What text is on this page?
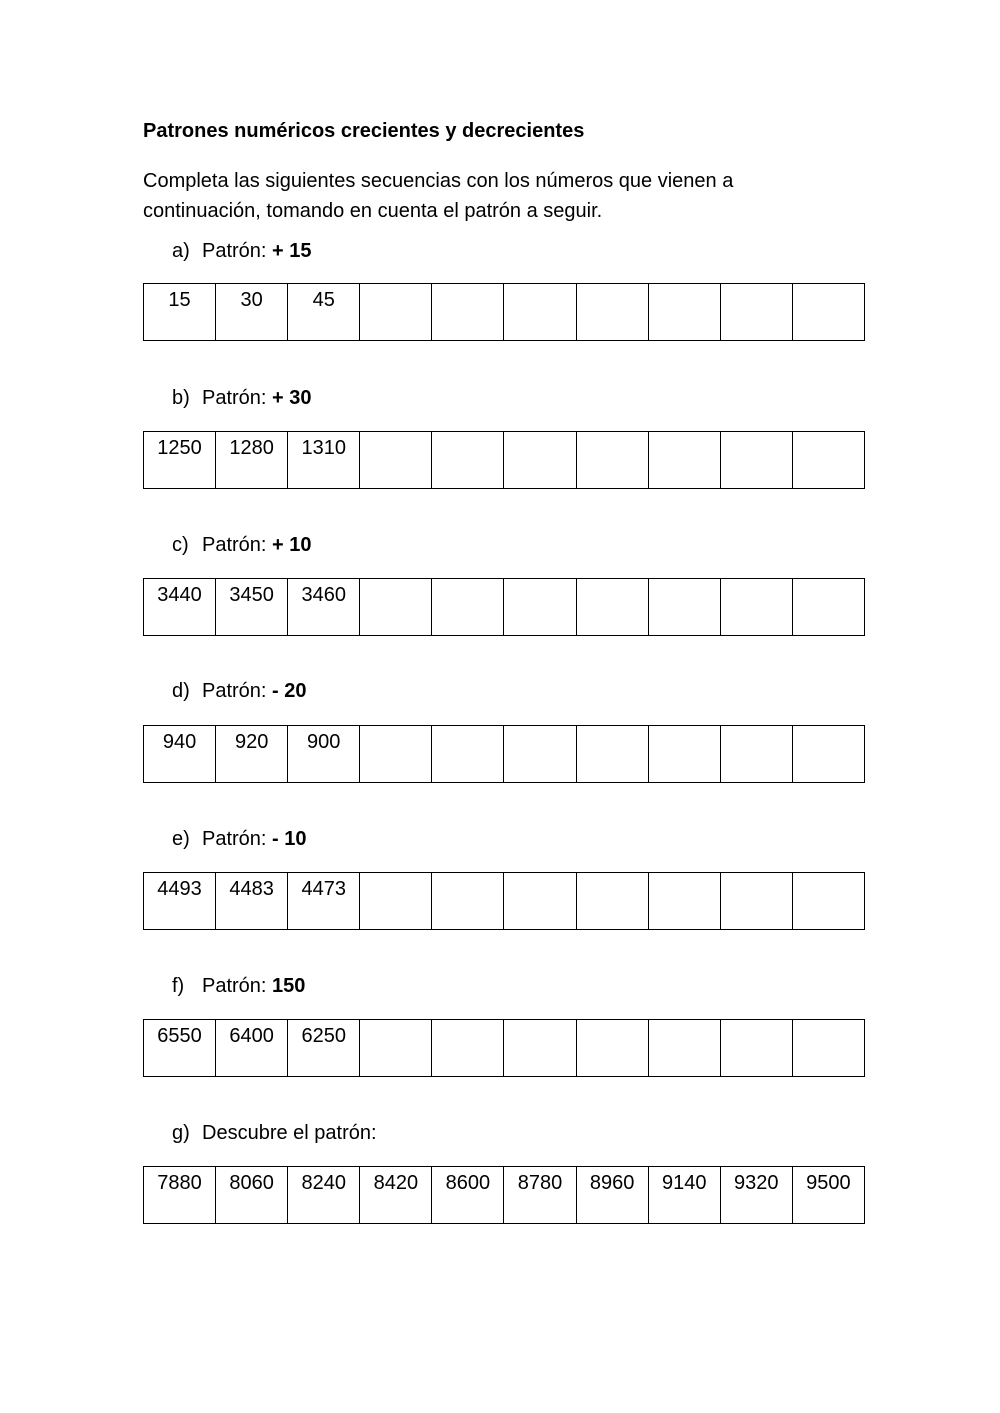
Patrones numéricos crecientes y decrecientes

Completa las siguientes secuencias con los números que vienen a continuación, tomando en cuenta el patrón a seguir.

a) Patrón: + 15
15	30	45							
b) Patrón: + 30
1250	1280	1310							
c) Patrón: + 10
3440	3450	3460							
d) Patrón: - 20
940	920	900							
e) Patrón: - 10
4493	4483	4473							
f) Patrón: 150
6550	6400	6250							
g) Descubre el patrón:
7880	8060	8240	8420	8600	8780	8960	9140	9320	9500
